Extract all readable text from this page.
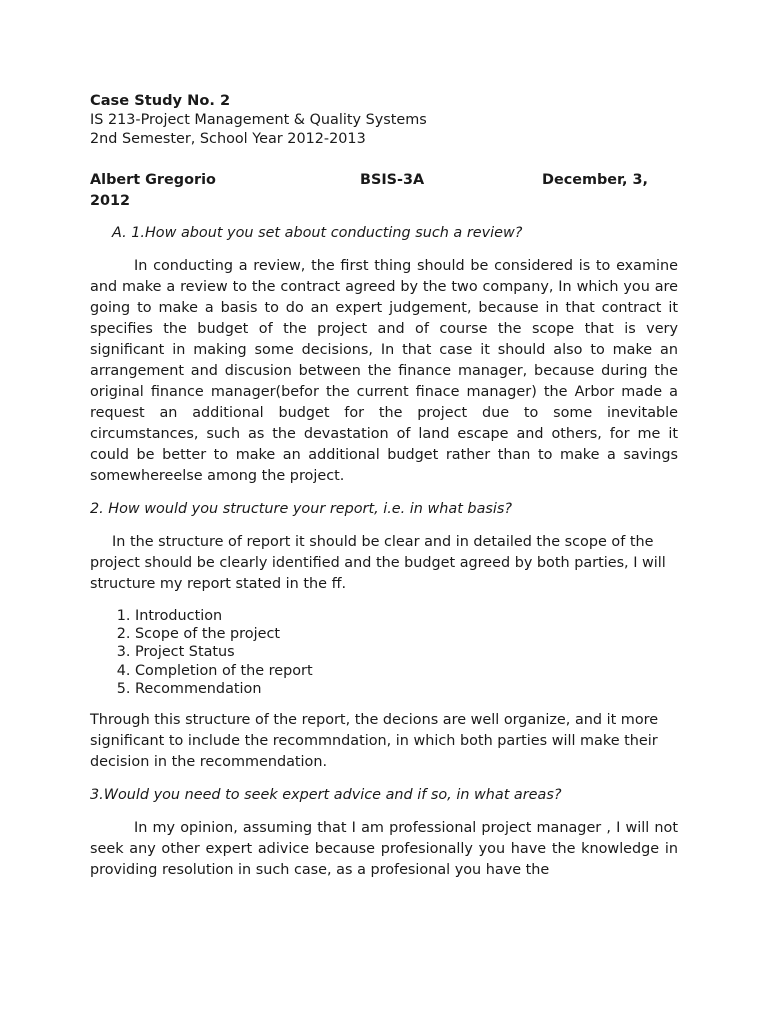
Case Study No. 2
IS 213-Project Management & Quality Systems
2nd Semester, School Year 2012-2013
Albert Gregorio	BSIS-3A	December, 3,
2012
A. 1.How about you set about conducting such a review?
In conducting a review, the first thing should be considered is to examine and make a review to the contract agreed by the two company, In which you are going to make a basis to do an expert judgement, because in that contract it specifies the budget of the project and of course the scope that is very significant in making some decisions, In that case it should also to make an arrangement and discusion between the finance manager, because during the original finance manager(befor the current finace manager) the Arbor made a request an additional budget for the project due to some inevitable circumstances, such as the devastation of land escape and others, for me it could be better to make an additional budget rather than to make a savings somewhereelse among the project.
2. How would you structure your report, i.e. in what basis?
In the structure of report it should be clear and in detailed the scope of the project should be clearly identified and the budget agreed by both parties, I will structure my report stated in the ff.
1. Introduction
2. Scope of the project
3. Project Status
4. Completion of the report
5. Recommendation
Through this structure of the report, the decions are well organize, and it more significant to include the recommndation, in which both parties will make their decision in the recommendation.
3.Would you need to seek expert advice and if so, in what areas?
In my opinion, assuming that I am professional project manager , I will not seek any other expert adivice because profesionally you have the knowledge in providing resolution in such case, as a profesional you have the
